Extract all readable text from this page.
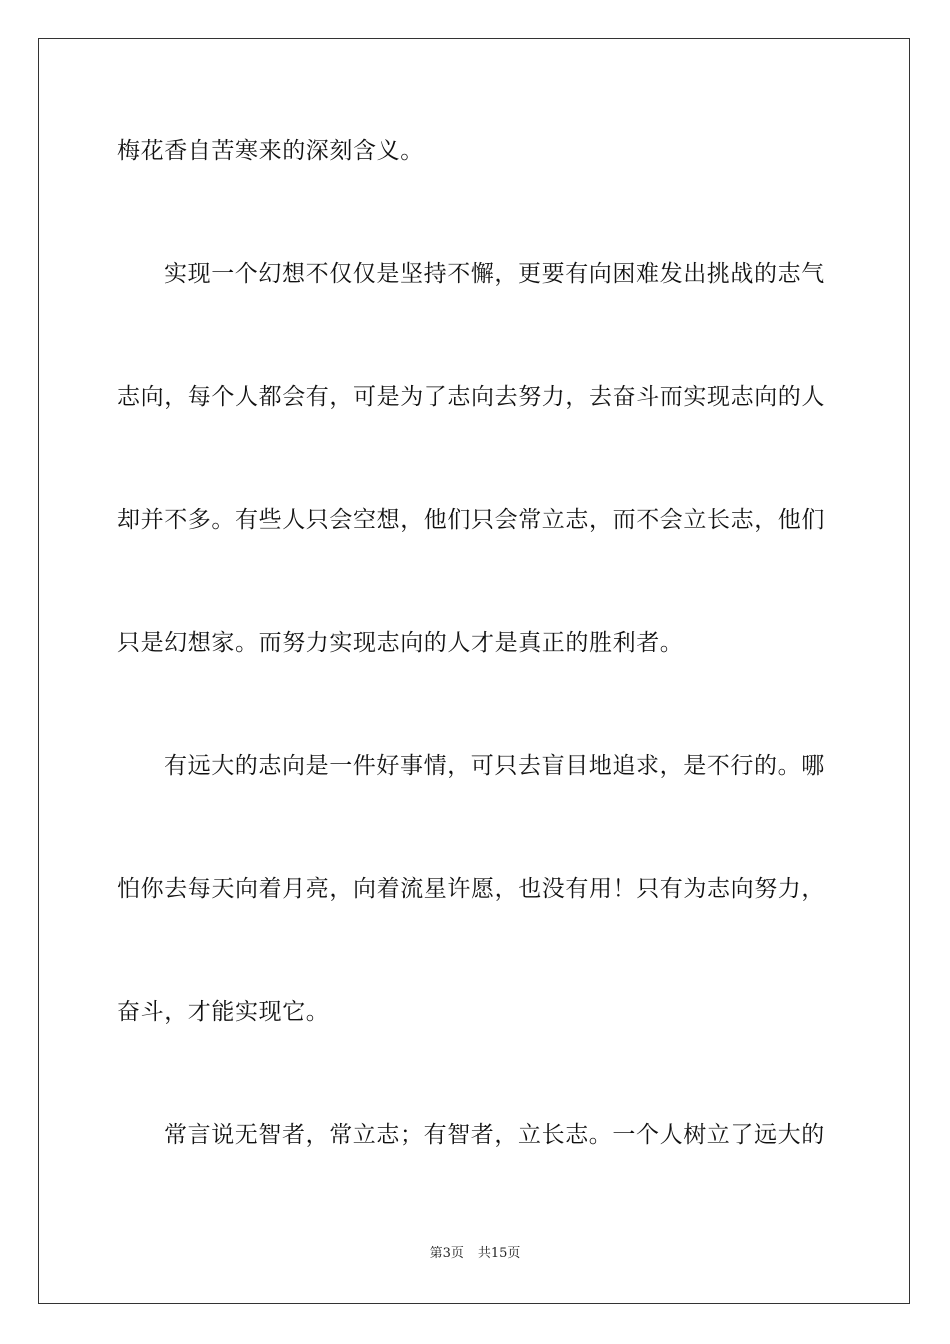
梅花香自苦寒来的深刻含义。
实现一个幻想不仅仅是坚持不懈，更要有向困难发出挑战的志气
志向，每个人都会有，可是为了志向去努力，去奋斗而实现志向的人
却并不多。有些人只会空想，他们只会常立志，而不会立长志，他们
只是幻想家。而努力实现志向的人才是真正的胜利者。
有远大的志向是一件好事情，可只去盲目地追求，是不行的。哪
怕你去每天向着月亮，向着流星许愿，也没有用！只有为志向努力，
奋斗，才能实现它。
常言说无智者，常立志；有智者，立长志。一个人树立了远大的
第3页 共15页
